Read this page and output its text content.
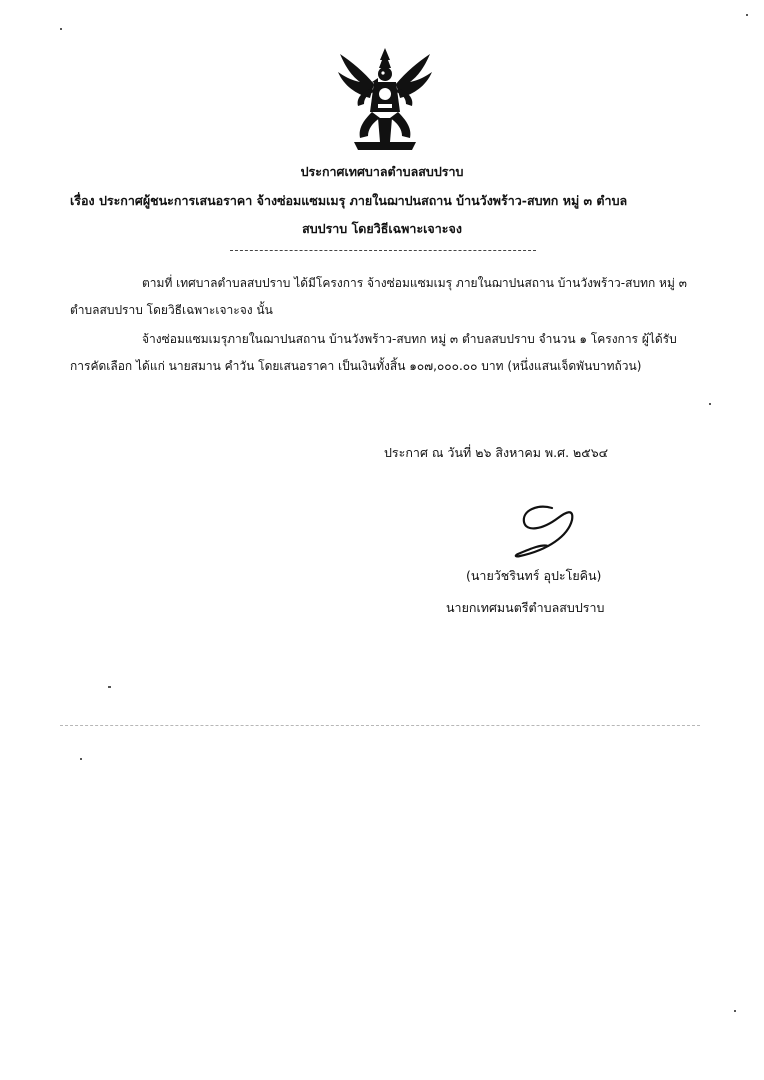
ประกาศเทศบาลตำบลสบปราบ
เรื่อง ประกาศผู้ชนะการเสนอราคา จ้างซ่อมแซมเมรุ ภายในฌาปนสถาน บ้านวังพร้าว-สบทก หมู่ ๓ ตำบล
สบปราบ โดยวิธีเฉพาะเจาะจง
ตามที่ เทศบาลตำบลสบปราบ ได้มีโครงการ จ้างซ่อมแซมเมรุ ภายในฌาปนสถาน บ้านวังพร้าว-สบทก หมู่ ๓ ตำบลสบปราบ โดยวิธีเฉพาะเจาะจง นั้น
จ้างซ่อมแซมเมรุภายในฌาปนสถาน บ้านวังพร้าว-สบทก หมู่ ๓ ตำบลสบปราบ จำนวน ๑ โครงการ ผู้ได้รับการคัดเลือก ได้แก่ นายสมาน คำวัน โดยเสนอราคา เป็นเงินทั้งสิ้น ๑๐๗,๐๐๐.๐๐ บาท (หนึ่งแสนเจ็ดพันบาทถ้วน)
ประกาศ ณ วันที่ ๒๖ สิงหาคม พ.ศ. ๒๕๖๔
(นายวัชรินทร์ อุปะโยคิน)
นายกเทศมนตรีตำบลสบปราบ
